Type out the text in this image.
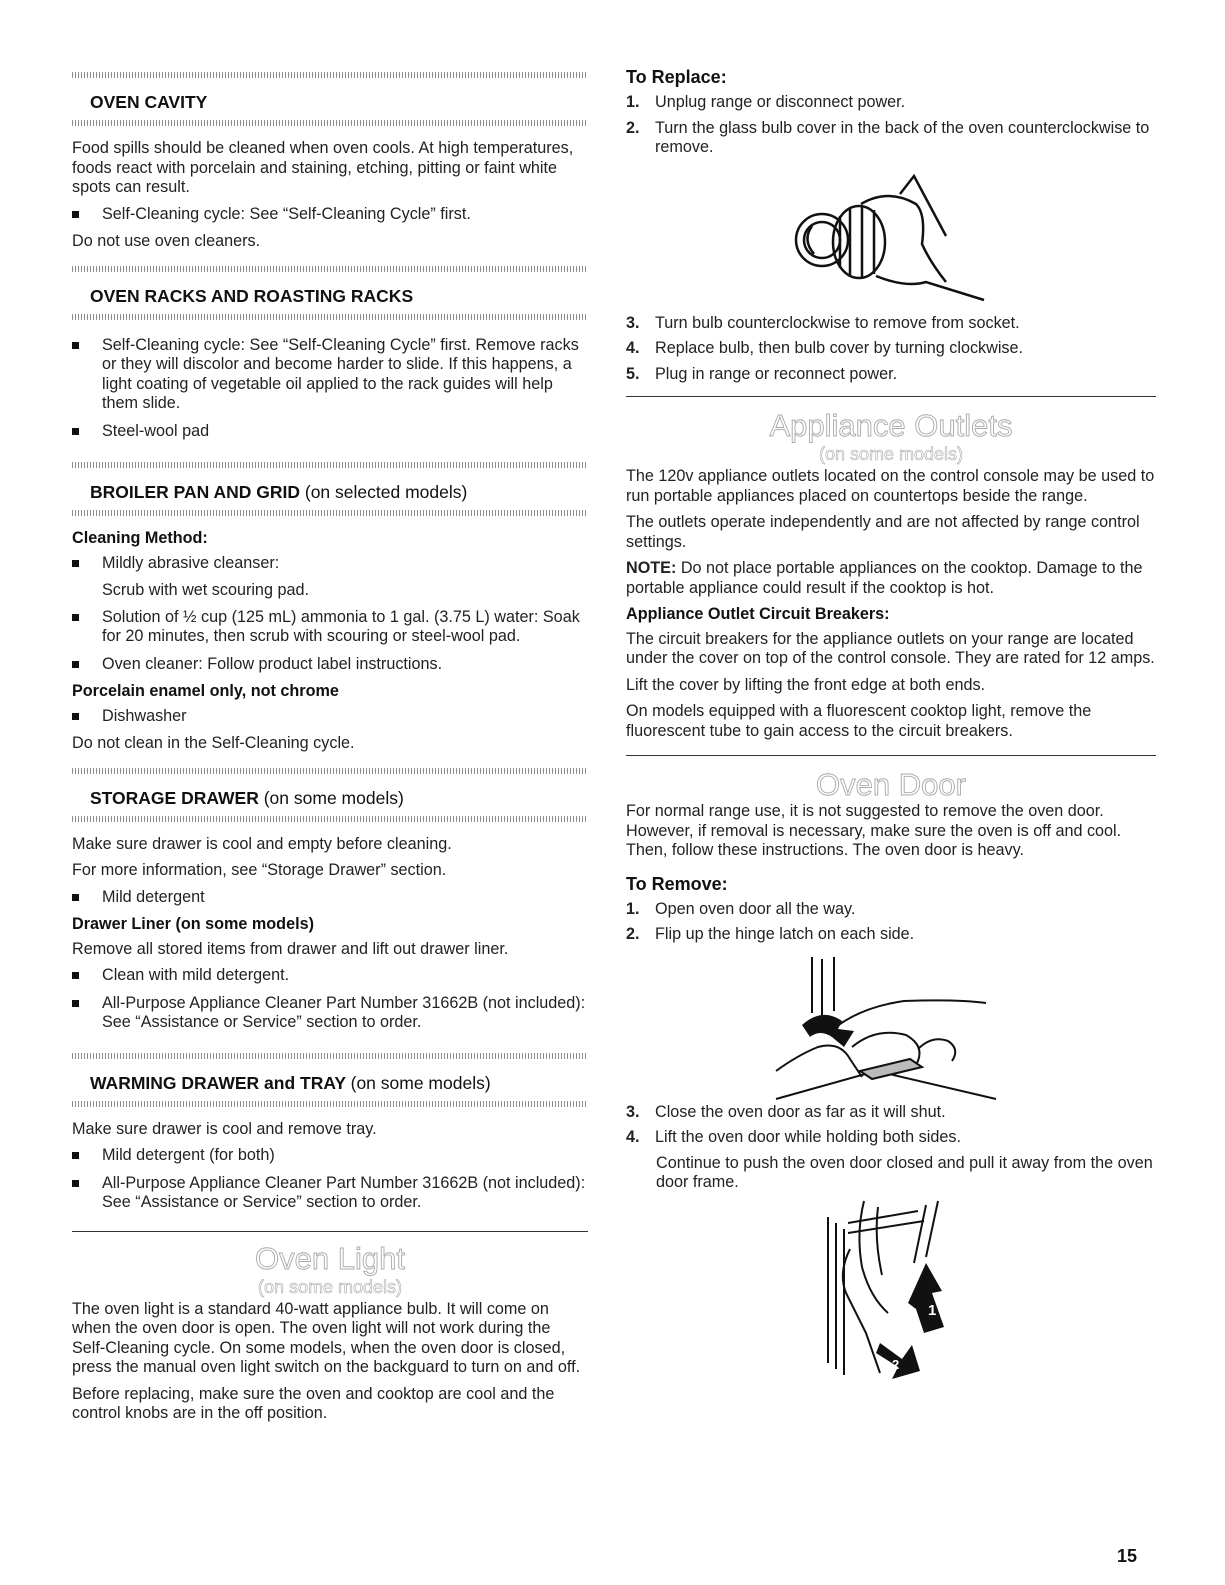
OVEN CAVITY

Food spills should be cleaned when oven cools. At high temperatures, foods react with porcelain and staining, etching, pitting or faint white spots can result.

Self-Cleaning cycle: See “Self-Cleaning Cycle” first.

Do not use oven cleaners.

OVEN RACKS AND ROASTING RACKS
Self-Cleaning cycle: See “Self-Cleaning Cycle” first. Remove racks or they will discolor and become harder to slide. If this happens, a light coating of vegetable oil applied to the rack guides will help them slide.
Steel-wool pad
BROILER PAN AND GRID (on selected models)
Cleaning Method:
Mildly abrasive cleanser:

Scrub with wet scouring pad.

Solution of ½ cup (125 mL) ammonia to 1 gal. (3.75 L) water: Soak for 20 minutes, then scrub with scouring or steel-wool pad.
Oven cleaner: Follow product label instructions.
Porcelain enamel only, not chrome
Dishwasher

Do not clean in the Self-Cleaning cycle.

STORAGE DRAWER (on some models)

Make sure drawer is cool and empty before cleaning.

For more information, see “Storage Drawer” section.

Mild detergent
Drawer Liner (on some models)

Remove all stored items from drawer and lift out drawer liner.

Clean with mild detergent.
All-Purpose Appliance Cleaner Part Number 31662B (not included): See “Assistance or Service” section to order.
WARMING DRAWER and TRAY (on some models)

Make sure drawer is cool and remove tray.

Mild detergent (for both)
All-Purpose Appliance Cleaner Part Number 31662B (not included): See “Assistance or Service” section to order.
Oven Light
(on some models)

The oven light is a standard 40-watt appliance bulb. It will come on when the oven door is open. The oven light will not work during the Self-Cleaning cycle. On some models, when the oven door is closed, press the manual oven light switch on the backguard to turn on and off.

Before replacing, make sure the oven and cooktop are cool and the control knobs are in the off position.

To Replace:
1. Unplug range or disconnect power.
2. Turn the glass bulb cover in the back of the oven counterclockwise to remove.
3. Turn bulb counterclockwise to remove from socket.
4. Replace bulb, then bulb cover by turning clockwise.
5. Plug in range or reconnect power.
Appliance Outlets
(on some models)

The 120v appliance outlets located on the control console may be used to run portable appliances placed on countertops beside the range.

The outlets operate independently and are not affected by range control settings.

NOTE: Do not place portable appliances on the cooktop. Damage to the portable appliance could result if the cooktop is hot.

Appliance Outlet Circuit Breakers:

The circuit breakers for the appliance outlets on your range are located under the cover on top of the control console. They are rated for 12 amps.

Lift the cover by lifting the front edge at both ends.

On models equipped with a fluorescent cooktop light, remove the fluorescent tube to gain access to the circuit breakers.

Oven Door

For normal range use, it is not suggested to remove the oven door. However, if removal is necessary, make sure the oven is off and cool. Then, follow these instructions. The oven door is heavy.

To Remove:
1. Open oven door all the way.
2. Flip up the hinge latch on each side.
3. Close the oven door as far as it will shut.
4. Lift the oven door while holding both sides.

Continue to push the oven door closed and pull it away from the oven door frame.

1
2
15
